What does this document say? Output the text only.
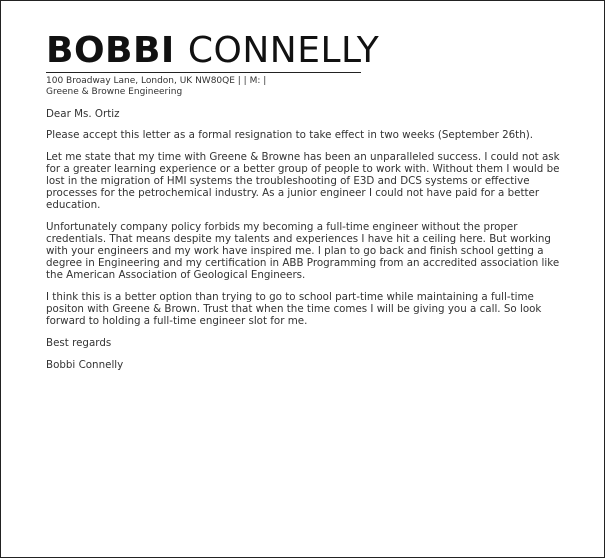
BOBBI CONNELLY
100 Broadway Lane, London, UK NW80QE | | M: |
Greene & Browne Engineering

Dear Ms. Ortiz

Please accept this letter as a formal resignation to take effect in two weeks (September 26th).

Let me state that my time with Greene & Browne has been an unparalleled success. I could not ask for a greater learning experience or a better group of people to work with. Without them I would be lost in the migration of HMI systems the troubleshooting of E3D and DCS systems or effective processes for the petrochemical industry. As a junior engineer I could not have paid for a better education.

Unfortunately company policy forbids my becoming a full-time engineer without the proper credentials. That means despite my talents and experiences I have hit a ceiling here. But working with your engineers and my work have inspired me. I plan to go back and finish school getting a degree in Engineering and my certification in ABB Programming from an accredited association like the American Association of Geological Engineers.

I think this is a better option than trying to go to school part-time while maintaining a full-time positon with Greene & Brown. Trust that when the time comes I will be giving you a call. So look forward to holding a full-time engineer slot for me.

Best regards

Bobbi Connelly
